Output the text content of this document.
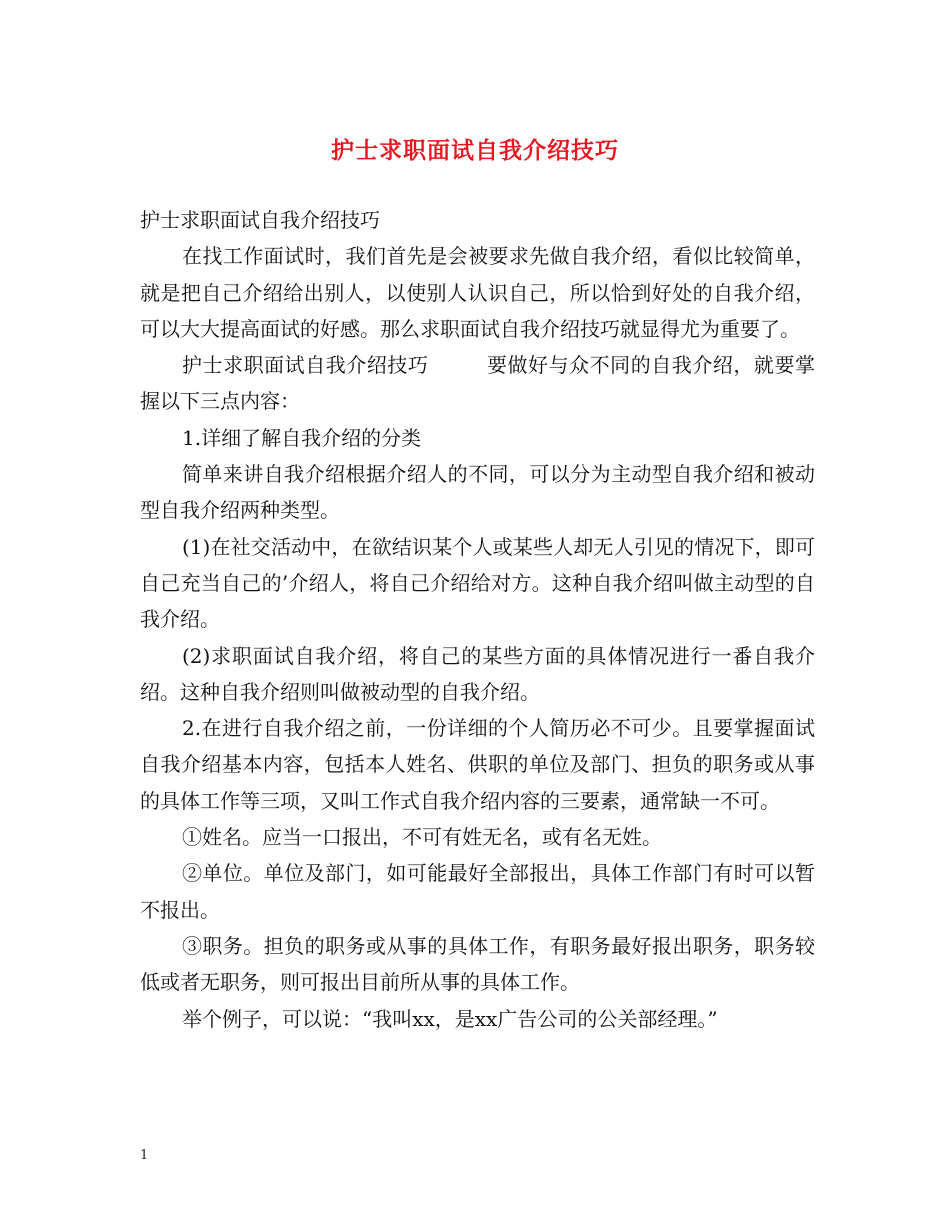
护士求职面试自我介绍技巧

护士求职面试自我介绍技巧

在找工作面试时，我们首先是会被要求先做自我介绍，看似比较简单，就是把自己介绍给出别人，以使别人认识自己，所以恰到好处的自我介绍，可以大大提高面试的好感。那么求职面试自我介绍技巧就显得尤为重要了。

护士求职面试自我介绍技巧	要做好与众不同的自我介绍，就要掌握以下三点内容：

1.详细了解自我介绍的分类

简单来讲自我介绍根据介绍人的不同，可以分为主动型自我介绍和被动型自我介绍两种类型。

(1)在社交活动中，在欲结识某个人或某些人却无人引见的情况下，即可自己充当自己的’介绍人，将自己介绍给对方。这种自我介绍叫做主动型的自我介绍。

(2)求职面试自我介绍，将自己的某些方面的具体情况进行一番自我介绍。这种自我介绍则叫做被动型的自我介绍。

2.在进行自我介绍之前，一份详细的个人简历必不可少。且要掌握面试自我介绍基本内容，包括本人姓名、供职的单位及部门、担负的职务或从事的具体工作等三项，又叫工作式自我介绍内容的三要素，通常缺一不可。

①姓名。应当一口报出，不可有姓无名，或有名无姓。

②单位。单位及部门，如可能最好全部报出，具体工作部门有时可以暂不报出。

③职务。担负的职务或从事的具体工作，有职务最好报出职务，职务较低或者无职务，则可报出目前所从事的具体工作。

举个例子，可以说：“我叫xx，是xx广告公司的公关部经理。”

1
